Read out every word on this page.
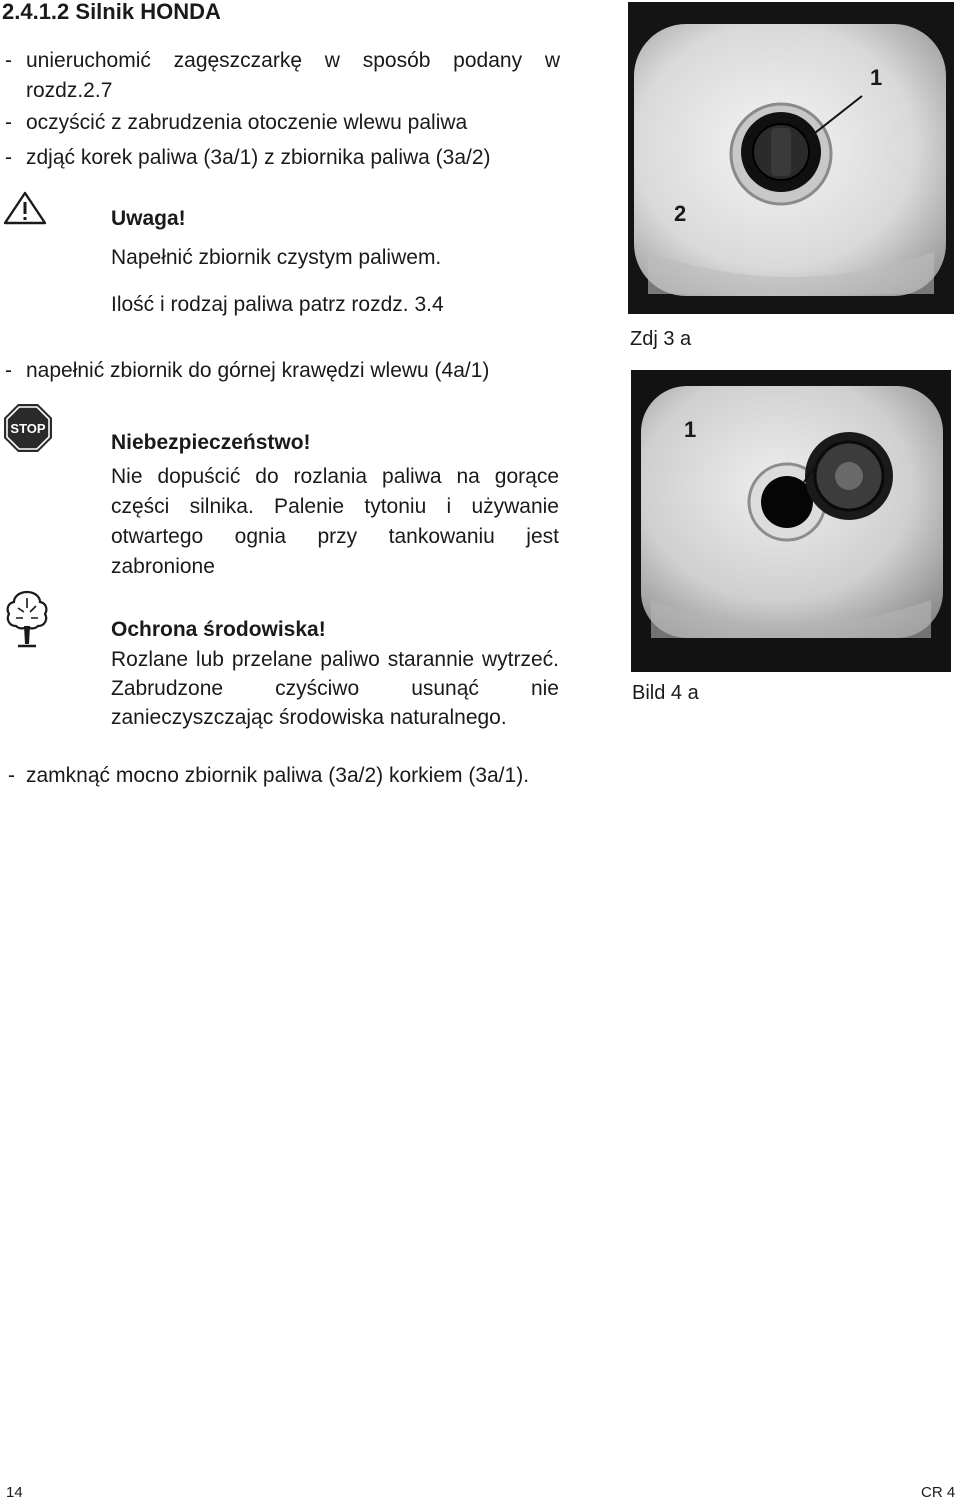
2.4.1.2 Silnik HONDA
- unieruchomić zagęszczarkę w sposób podany w
rozdz.2.7
- oczyścić z zabrudzenia otoczenie wlewu paliwa
- zdjąć korek paliwa (3a/1) z zbiornika paliwa (3a/2)
Uwaga!
Napełnić zbiornik czystym paliwem.
Ilość i rodzaj paliwa patrz rozdz. 3.4
- napełnić zbiornik do górnej krawędzi wlewu (4a/1)
STOP
Niebezpieczeństwo!
Nie dopuścić do rozlania paliwa na gorące części silnika. Palenie tytoniu i używanie otwartego ognia przy tankowaniu jest zabronione
Ochrona środowiska!
Rozlane lub przelane paliwo starannie wytrzeć. Zabrudzone czyściwo usunąć nie zanieczyszczając środowiska naturalnego.
- zamknąć mocno zbiornik paliwa (3a/2) korkiem (3a/1).
1
2
Zdj 3 a
1
Bild 4 a
14	CR 4
